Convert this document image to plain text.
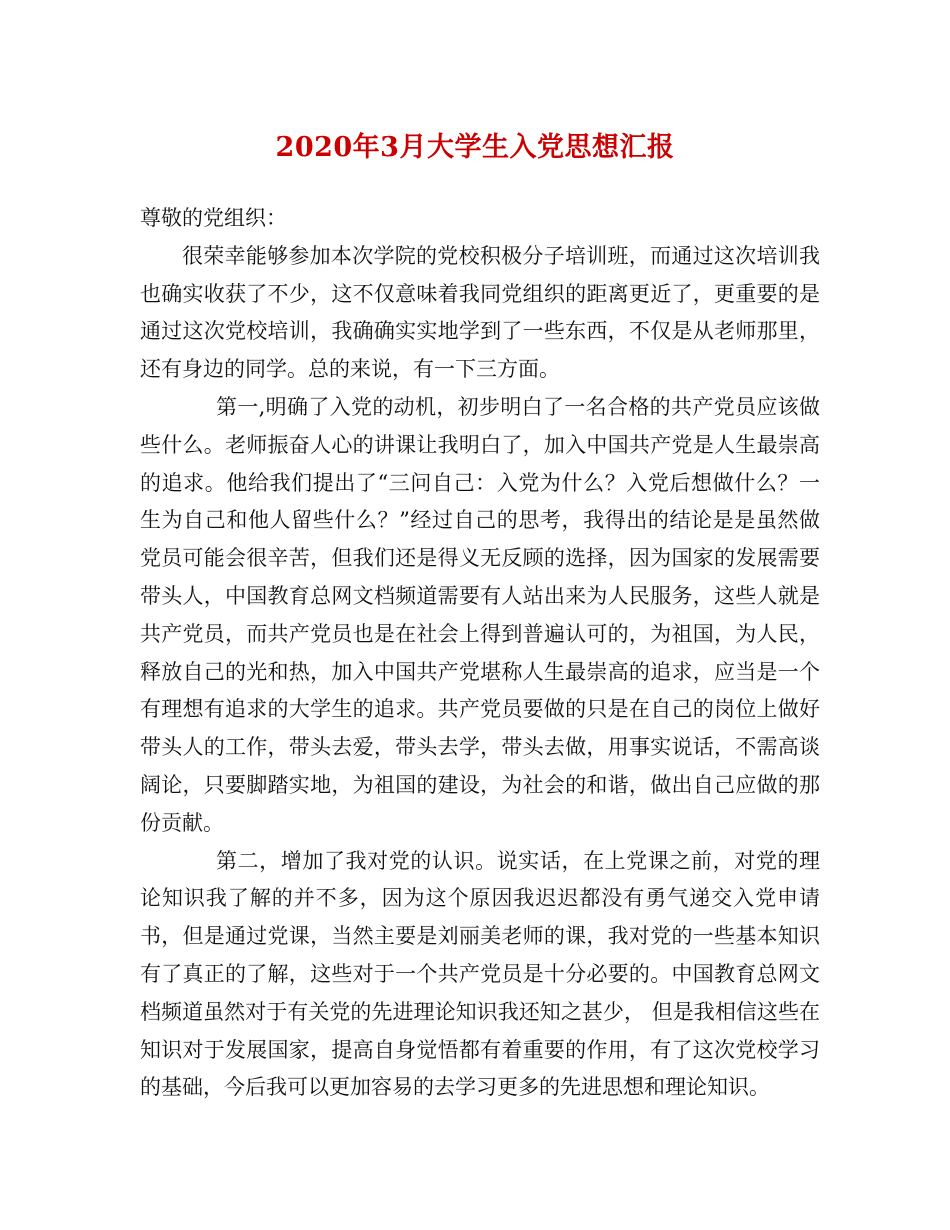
2020年3月大学生入党思想汇报

尊敬的党组织：

很荣幸能够参加本次学院的党校积极分子培训班，而通过这次培训我也确实收获了不少，这不仅意味着我同党组织的距离更近了，更重要的是通过这次党校培训，我确确实实地学到了一些东西，不仅是从老师那里，还有身边的同学。总的来说，有一下三方面。

第一,明确了入党的动机，初步明白了一名合格的共产党员应该做些什么。老师振奋人心的讲课让我明白了，加入中国共产党是人生最崇高的追求。他给我们提出了“三问自己：入党为什么？入党后想做什么？一生为自己和他人留些什么？”经过自己的思考，我得出的结论是是虽然做党员可能会很辛苦，但我们还是得义无反顾的选择，因为国家的发展需要带头人，中国教育总网文档频道需要有人站出来为人民服务，这些人就是共产党员，而共产党员也是在社会上得到普遍认可的，为祖国，为人民，释放自己的光和热，加入中国共产党堪称人生最崇高的追求，应当是一个有理想有追求的大学生的追求。共产党员要做的只是在自己的岗位上做好带头人的工作，带头去爱，带头去学，带头去做，用事实说话，不需高谈阔论，只要脚踏实地，为祖国的建设，为社会的和谐，做出自己应做的那份贡献。

第二，增加了我对党的认识。说实话，在上党课之前，对党的理论知识我了解的并不多，因为这个原因我迟迟都没有勇气递交入党申请书，但是通过党课，当然主要是刘丽美老师的课，我对党的一些基本知识有了真正的了解，这些对于一个共产党员是十分必要的。中国教育总网文档频道虽然对于有关党的先进理论知识我还知之甚少， 但是我相信这些在知识对于发展国家，提高自身觉悟都有着重要的作用，有了这次党校学习的基础，今后我可以更加容易的去学习更多的先进思想和理论知识。
